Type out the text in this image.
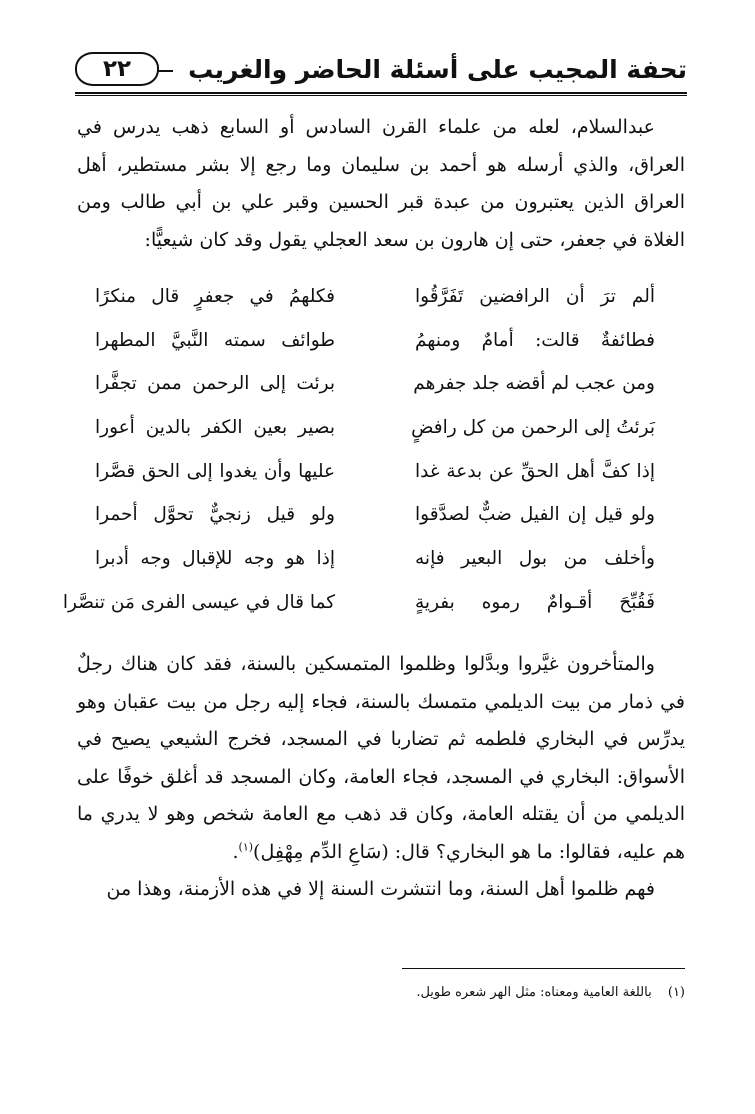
تحفة المجيب على أسئلة الحاضر والغريب
٢٢

عبدالسلام، لعله من علماء القرن السادس أو السابع ذهب يدرس في العراق، والذي أرسله هو أحمد بن سليمان وما رجع إلا بشر مستطير، أهل العراق الذين يعتبرون من عبدة قبر الحسين وقبر علي بن أبي طالب ومن الغلاة في جعفر، حتى إن هارون بن سعد العجلي يقول وقد كان شيعيًّا:

ألم ترَ أن الرافضين تَفَرَّقُوا
فكلهمُ في جعفرٍ قال منكرًا
فطائفةٌ قالت: أمامٌ ومنهمُ
طوائف سمته النَّبيَّ المطهرا
ومن عجب لم أقضه جلد جفرهم
برئت إلى الرحمن ممن تجفَّرا
بَرئتُ إلى الرحمن من كل رافضٍ
بصير بعين الكفر بالدين أعورا
إذا كفَّ أهل الحقِّ عن بدعة غدا
عليها وأن يغدوا إلى الحق قصَّرا
ولو قيل إن الفيل ضبٌّ لصدَّقوا
ولو قيل زنجيٌّ تحوَّل أحمرا
وأخلف من بول البعير فإنه
إذا هو وجه للإقبال وجه أدبرا
فَقُبِّحَ أقـوامٌ رموه بفريةٍ
كما قال في عيسى الفرى مَن تنصَّرا

والمتأخرون غيَّروا وبدَّلوا وظلموا المتمسكين بالسنة، فقد كان هناك رجلٌ في ذمار من بيت الديلمي متمسك بالسنة، فجاء إليه رجل من بيت عقبان وهو يدرِّس في البخاري فلطمه ثم تضاربا في المسجد، فخرج الشيعي يصيح في الأسواق: البخاري في المسجد، فجاء العامة، وكان المسجد قد أغلق خوفًا على الديلمي من أن يقتله العامة، وكان قد ذهب مع العامة شخص وهو لا يدري ما هم عليه، فقالوا: ما هو البخاري؟ قال: (سَاعِ الدِّم مِهْفِل)$^{(١)}$.

فهم ظلموا أهل السنة، وما انتشرت السنة إلا في هذه الأزمنة، وهذا من

(١) باللغة العامية ومعناه: مثل الهر شعره طويل.
